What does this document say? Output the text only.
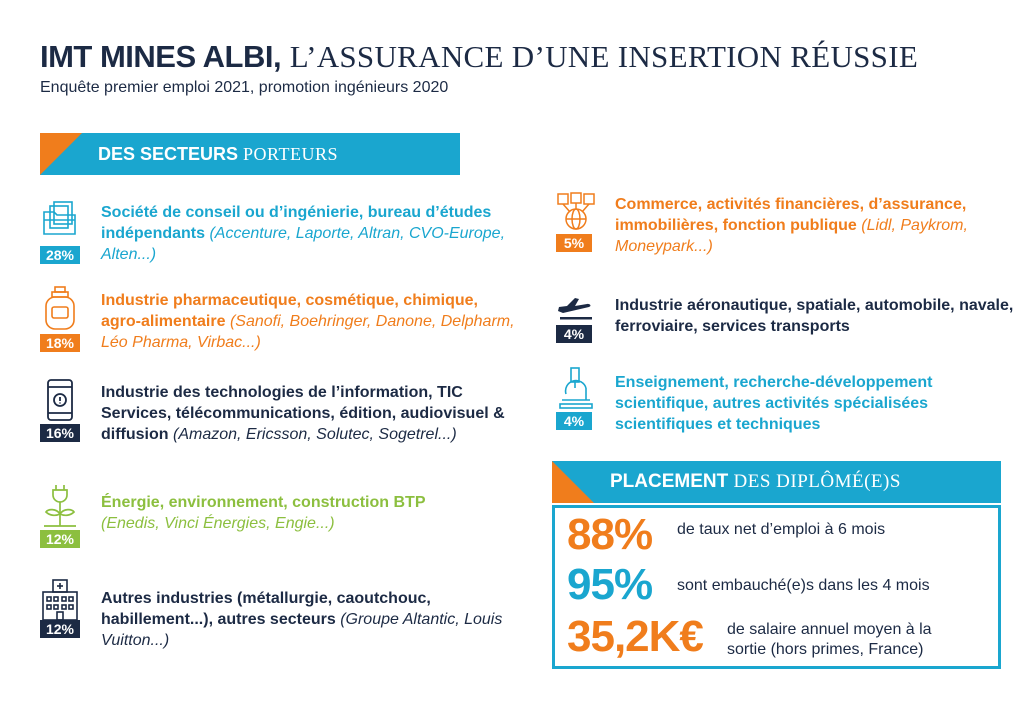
IMT MINES ALBI, L’ASSURANCE D’UNE INSERTION RÉUSSIE
Enquête premier emploi 2021, promotion ingénieurs 2020
DES SECTEURS PORTEURS
28%
Société de conseil ou d’ingénierie, bureau d’études indépendants (Accenture, Laporte, Altran, CVO-Europe, Alten...)
18%
Industrie pharmaceutique, cosmétique, chimique, agro-alimentaire (Sanofi, Boehringer, Danone, Delpharm, Léo Pharma, Virbac...)
16%
Industrie des technologies de l’information, TIC Services, télécommunications, édition, audiovisuel & diffusion (Amazon, Ericsson, Solutec, Sogetrel...)
12%
Énergie, environnement, construction BTP
(Enedis, Vinci Énergies, Engie...)
12%
Autres industries (métallurgie, caoutchouc, habillement...), autres secteurs (Groupe Altantic, Louis Vuitton...)
5%
Commerce, activités financières, d’assurance, immobilières, fonction publique (Lidl, Paykrom, Moneypark...)
4%
Industrie aéronautique, spatiale, automobile, navale, ferroviaire, services transports
4%
Enseignement, recherche-développement scientifique, autres activités spécialisées scientifiques et techniques
PLACEMENT DES DIPLÔMÉ(E)S
88% de taux net d’emploi à 6 mois
95% sont embauché(e)s dans les 4 mois
35,2K€ de salaire annuel moyen à la sortie (hors primes, France)
